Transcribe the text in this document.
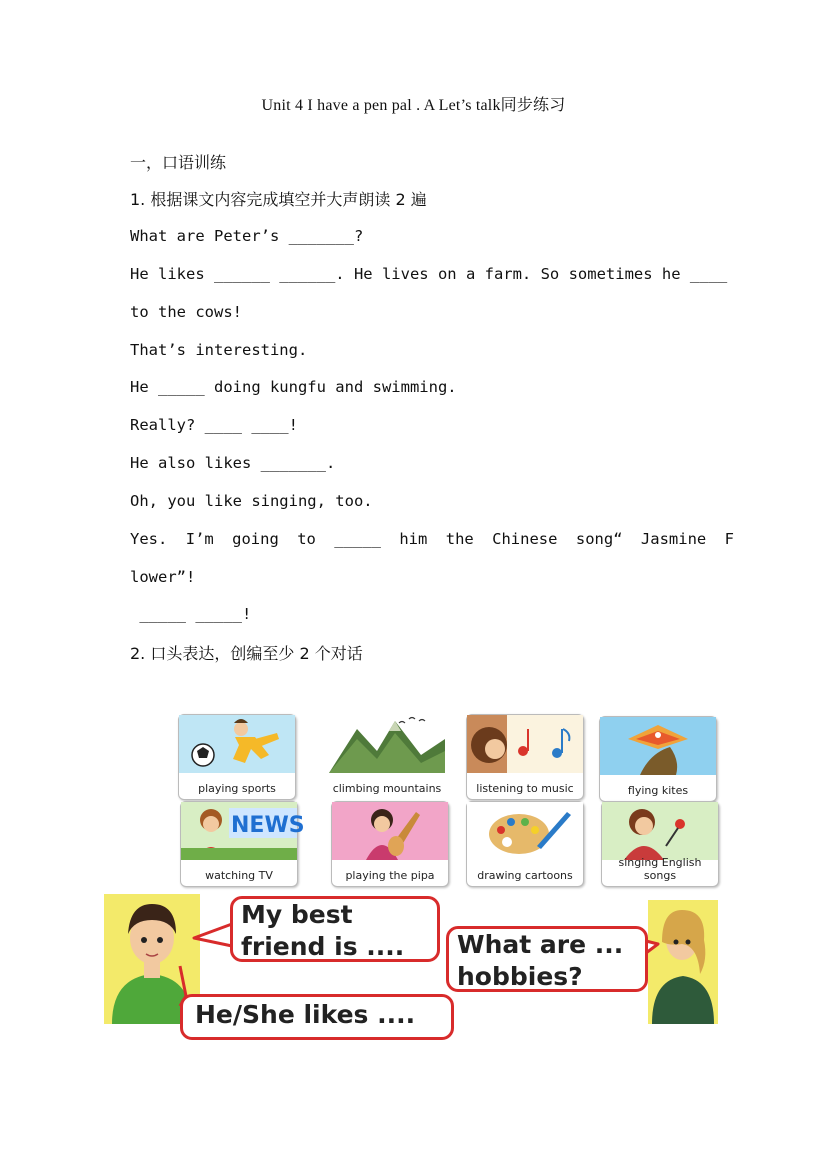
Unit 4 I have a pen pal . A Let’s talk同步练习
一，口语训练
1. 根据课文内容完成填空并大声朗读 2 遍
What are Peter’s _______?
He likes ______ ______. He lives on a farm. So sometimes he ____
to the cows!
That’s interesting.
He _____ doing kungfu and swimming.
Really? ____ ____!
He also likes _______.
Oh, you like singing, too.
Yes. I’m going to _____ him the Chinese song“ Jasmine F
lower”!
_____ _____!
2. 口头表达，创编至少 2 个对话
playing sports	climbing mountains	listening to music	flying kites
NEWS
watching TV	playing the pipa	drawing cartoons
singing English songs
My best
friend is ....	What are ...
hobbies?
He/She likes ....
